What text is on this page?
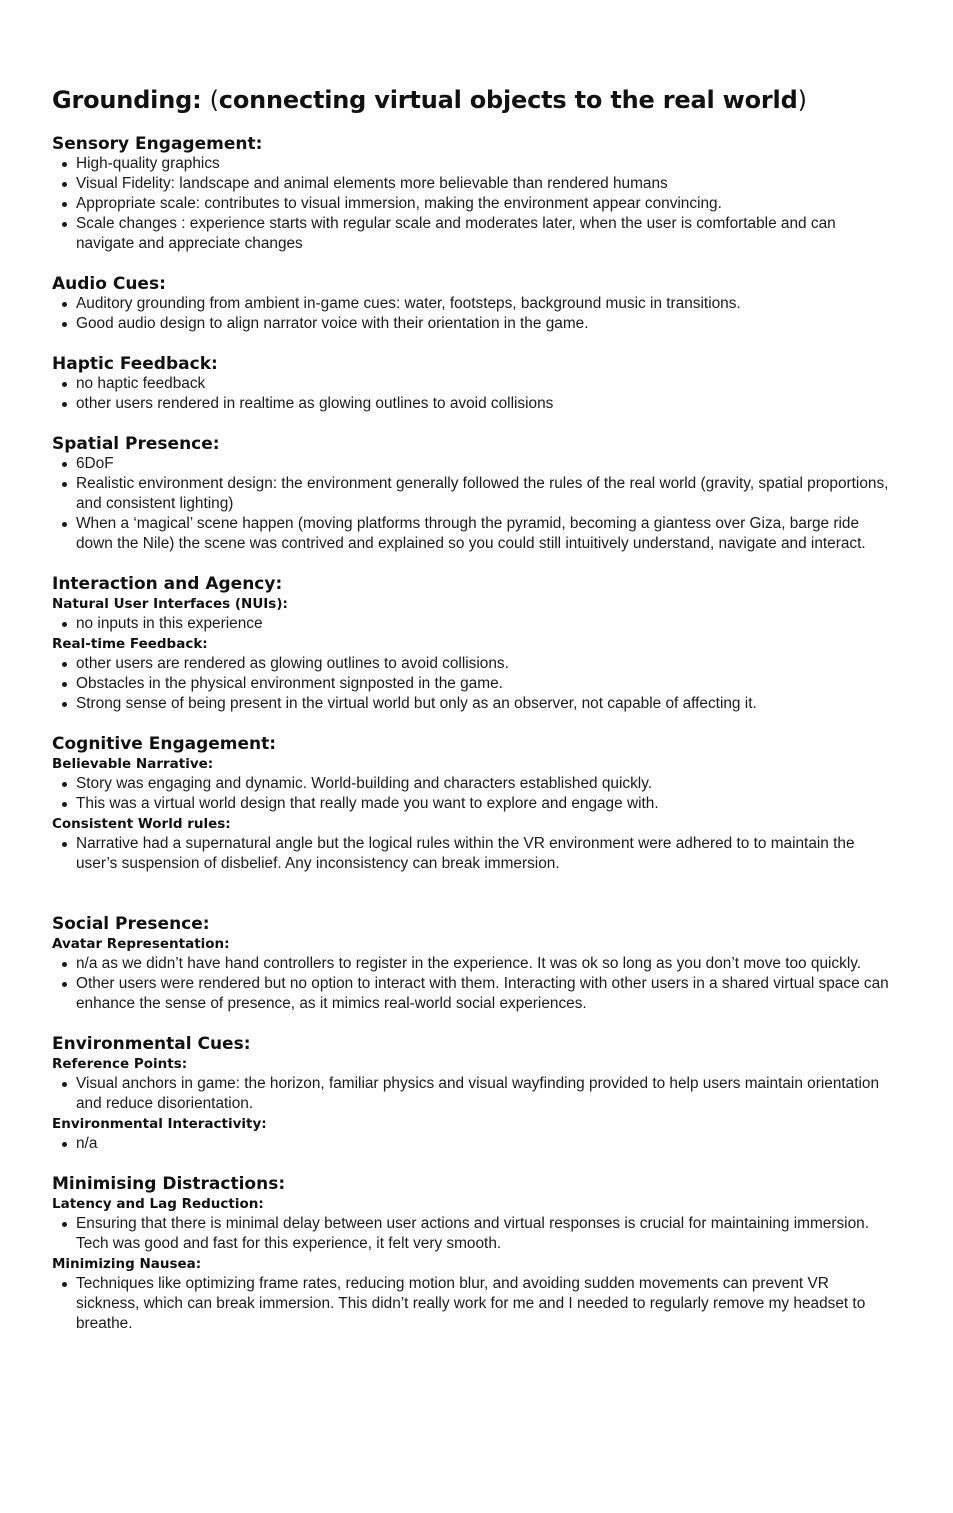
Grounding: (connecting virtual objects to the real world)
Sensory Engagement:
High-quality graphics
Visual Fidelity: landscape and animal elements more believable than rendered humans
Appropriate scale: contributes to visual immersion, making the environment appear convincing.
Scale changes : experience starts with regular scale and moderates later, when the user is comfortable and can navigate and appreciate changes
Audio Cues:
Auditory grounding from ambient in-game cues: water, footsteps, background music in transitions.
Good audio design to align narrator voice with their orientation in the game.
Haptic Feedback:
no haptic feedback
other users rendered in realtime as glowing outlines to avoid collisions
Spatial Presence:
6DoF
Realistic environment design: the environment generally followed the rules of the real world (gravity, spatial proportions, and consistent lighting)
When a ‘magical’ scene happen (moving platforms through the pyramid, becoming a giantess over Giza, barge ride down the Nile) the scene was contrived and explained so you could still intuitively understand, navigate and interact.
Interaction and Agency:
Natural User Interfaces (NUIs):
no inputs in this experience
Real-time Feedback:
other users are rendered as glowing outlines to avoid collisions.
Obstacles in the physical environment signposted in the game.
Strong sense of being present in the virtual world but only as an observer, not capable of affecting it.
Cognitive Engagement:
Believable Narrative:
Story was engaging and dynamic. World-building and characters established quickly.
This was a virtual world design that really made you want to explore and engage with.
Consistent World rules:
Narrative had a supernatural angle but the logical rules within the VR environment were adhered to to maintain the user’s suspension of disbelief. Any inconsistency can break immersion.
Social Presence:
Avatar Representation:
n/a as we didn’t have hand controllers to register in the experience. It was ok so long as you don’t move too quickly.
Other users were rendered but no option to interact with them. Interacting with other users in a shared virtual space can enhance the sense of presence, as it mimics real-world social experiences.
Environmental Cues:
Reference Points:
Visual anchors in game: the horizon, familiar physics and visual wayfinding provided to help users maintain orientation and reduce disorientation.
Environmental Interactivity:
n/a
Minimising Distractions:
Latency and Lag Reduction:
Ensuring that there is minimal delay between user actions and virtual responses is crucial for maintaining immersion. Tech was good and fast for this experience, it felt very smooth.
Minimizing Nausea:
Techniques like optimizing frame rates, reducing motion blur, and avoiding sudden movements can prevent VR sickness, which can break immersion. This didn’t really work for me and I needed to regularly remove my headset to breathe.
